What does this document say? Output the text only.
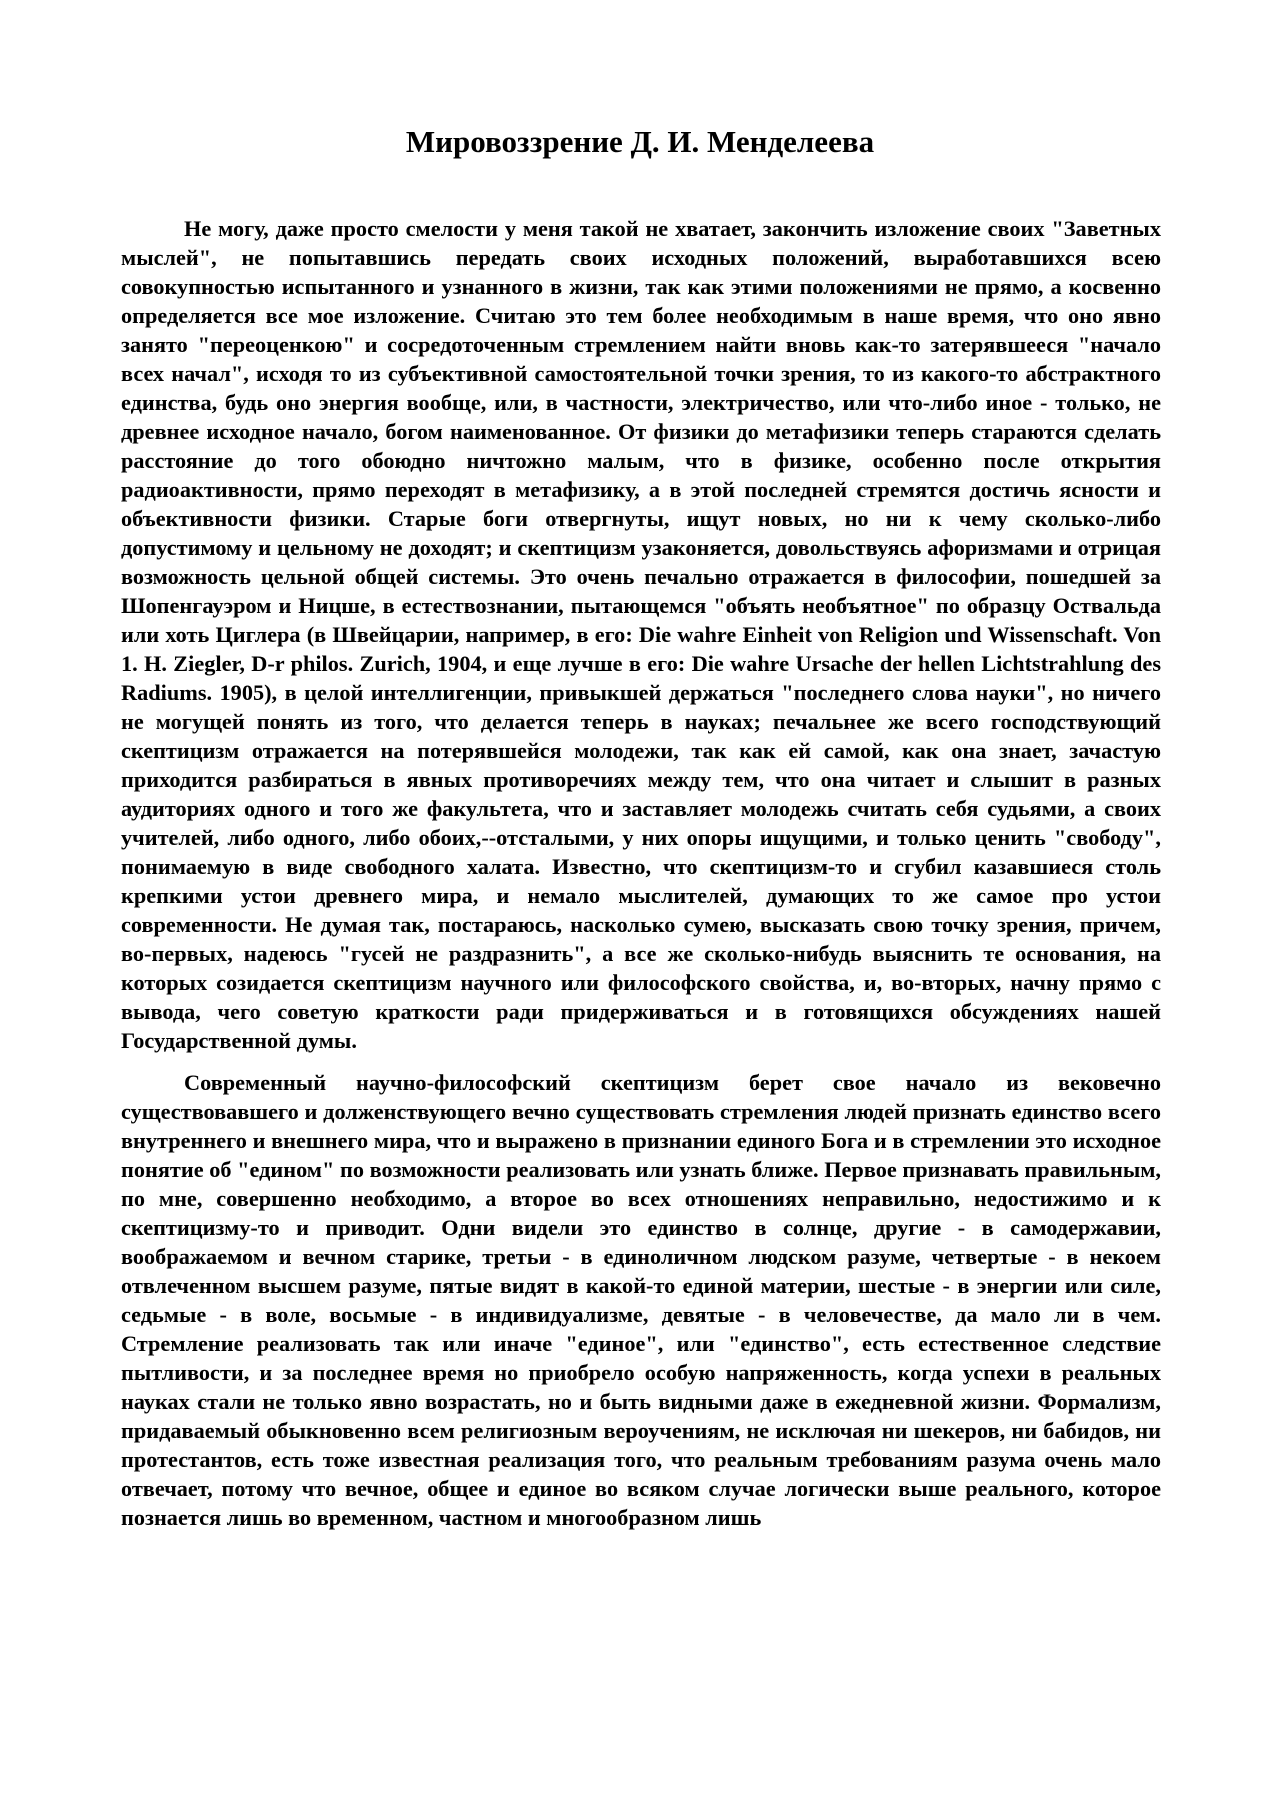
Мировоззрение Д. И. Менделеева

Не могу, даже просто смелости у меня такой не хватает, закончить изложение своих "Заветных мыслей", не попытавшись передать своих исходных положений, выработавшихся всею совокупностью испытанного и узнанного в жизни, так как этими положениями не прямо, а косвенно определяется все мое изложение. Считаю это тем более необходимым в наше время, что оно явно занято "переоценкою" и сосредоточенным стремлением найти вновь как-то затерявшееся "начало всех начал", исходя то из субъективной самостоятельной точки зрения, то из какого-то абстрактного единства, будь оно энергия вообще, или, в частности, электричество, или что-либо иное - только, не древнее исходное начало, богом наименованное. От физики до метафизики теперь стараются сделать расстояние до того обоюдно ничтожно малым, что в физике, особенно после открытия радиоактивности, прямо переходят в метафизику, а в этой последней стремятся достичь ясности и объективности физики. Старые боги отвергнуты, ищут новых, но ни к чему сколько-либо допустимому и цельному не доходят; и скептицизм узаконяется, довольствуясь афоризмами и отрицая возможность цельной общей системы. Это очень печально отражается в философии, пошедшей за Шопенгауэром и Ницше, в естествознании, пытающемся "объять необъятное" по образцу Оствальда или хоть Циглера (в Швейцарии, например, в его: Die wahre Einheit von Religion und Wissenschaft. Von 1. H. Ziegler, D-r philos. Zurich, 1904, и еще лучше в его: Die wahre Ursache der hellen Lichtstrahlung des Radiums. 1905), в целой интеллигенции, привыкшей держаться "последнего слова науки", но ничего не могущей понять из того, что делается теперь в науках; печальнее же всего господствующий скептицизм отражается на потерявшейся молодежи, так как ей самой, как она знает, зачастую приходится разбираться в явных противоречиях между тем, что она читает и слышит в разных аудиториях одного и того же факультета, что и заставляет молодежь считать себя судьями, а своих учителей, либо одного, либо обоих,--отсталыми, у них опоры ищущими, и только ценить "свободу", понимаемую в виде свободного халата. Известно, что скептицизм-то и сгубил казавшиеся столь крепкими устои древнего мира, и немало мыслителей, думающих то же самое про устои современности. Не думая так, постараюсь, насколько сумею, высказать свою точку зрения, причем, во-первых, надеюсь "гусей не раздразнить", а все же сколько-нибудь выяснить те основания, на которых созидается скептицизм научного или философского свойства, и, во-вторых, начну прямо с вывода, чего советую краткости ради придерживаться и в готовящихся обсуждениях нашей Государственной думы.

Современный научно-философский скептицизм берет свое начало из вековечно существовавшего и долженствующего вечно существовать стремления людей признать единство всего внутреннего и внешнего мира, что и выражено в признании единого Бога и в стремлении это исходное понятие об "едином" по возможности реализовать или узнать ближе. Первое признавать правильным, по мне, совершенно необходимо, а второе во всех отношениях неправильно, недостижимо и к скептицизму-то и приводит. Одни видели это единство в солнце, другие - в самодержавии, воображаемом и вечном старике, третьи - в единоличном людском разуме, четвертые - в некоем отвлеченном высшем разуме, пятые видят в какой-то единой материи, шестые - в энергии или силе, седьмые - в воле, восьмые - в индивидуализме, девятые - в человечестве, да мало ли в чем. Стремление реализовать так или иначе "единое", или "единство", есть естественное следствие пытливости, и за последнее время но приобрело особую напряженность, когда успехи в реальных науках стали не только явно возрастать, но и быть видными даже в ежедневной жизни. Формализм, придаваемый обыкновенно всем религиозным вероучениям, не исключая ни шекеров, ни бабидов, ни протестантов, есть тоже известная реализация того, что реальным требованиям разума очень мало отвечает, потому что вечное, общее и единое во всяком случае логически выше реального, которое познается лишь во временном, частном и многообразном лишь
